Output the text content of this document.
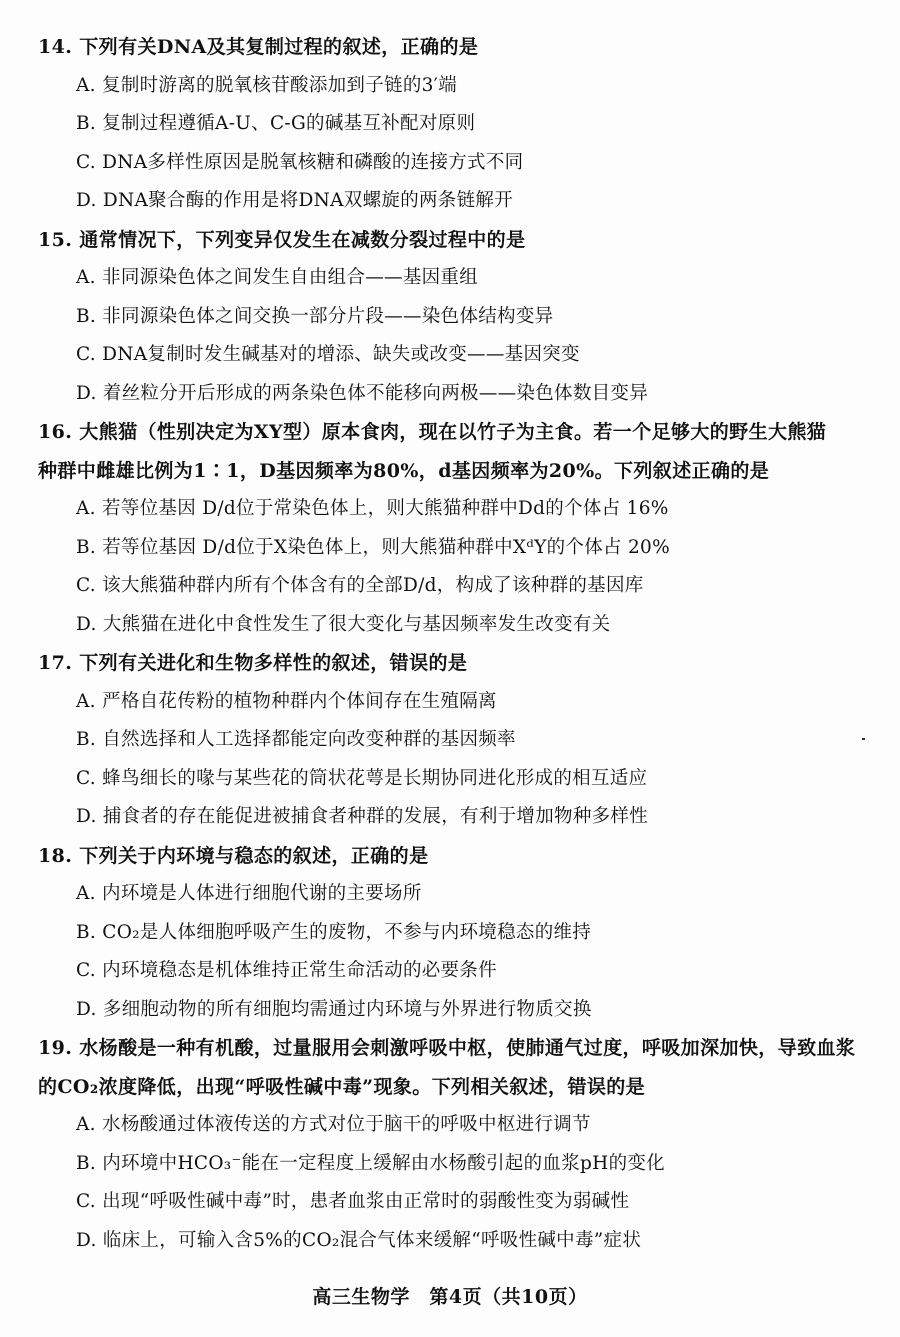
14. 下列有关DNA及其复制过程的叙述，正确的是
A. 复制时游离的脱氧核苷酸添加到子链的3′端
B. 复制过程遵循A-U、C-G的碱基互补配对原则
C. DNA多样性原因是脱氧核糖和磷酸的连接方式不同
D. DNA聚合酶的作用是将DNA双螺旋的两条链解开
15. 通常情况下，下列变异仅发生在减数分裂过程中的是
A. 非同源染色体之间发生自由组合——基因重组
B. 非同源染色体之间交换一部分片段——染色体结构变异
C. DNA复制时发生碱基对的增添、缺失或改变——基因突变
D. 着丝粒分开后形成的两条染色体不能移向两极——染色体数目变异
16. 大熊猫（性别决定为XY型）原本食肉，现在以竹子为主食。若一个足够大的野生大熊猫
种群中雌雄比例为1∶1，D基因频率为80%，d基因频率为20%。下列叙述正确的是
A. 若等位基因 D/d位于常染色体上，则大熊猫种群中Dd的个体占 16%
B. 若等位基因 D/d位于X染色体上，则大熊猫种群中XᵈY的个体占 20%
C. 该大熊猫种群内所有个体含有的全部D/d，构成了该种群的基因库
D. 大熊猫在进化中食性发生了很大变化与基因频率发生改变有关
17. 下列有关进化和生物多样性的叙述，错误的是
A. 严格自花传粉的植物种群内个体间存在生殖隔离
B. 自然选择和人工选择都能定向改变种群的基因频率
C. 蜂鸟细长的喙与某些花的筒状花萼是长期协同进化形成的相互适应
D. 捕食者的存在能促进被捕食者种群的发展，有利于增加物种多样性
18. 下列关于内环境与稳态的叙述，正确的是
A. 内环境是人体进行细胞代谢的主要场所
B. CO₂是人体细胞呼吸产生的废物，不参与内环境稳态的维持
C. 内环境稳态是机体维持正常生命活动的必要条件
D. 多细胞动物的所有细胞均需通过内环境与外界进行物质交换
19. 水杨酸是一种有机酸，过量服用会刺激呼吸中枢，使肺通气过度，呼吸加深加快，导致血浆
的CO₂浓度降低，出现“呼吸性碱中毒”现象。下列相关叙述，错误的是
A. 水杨酸通过体液传送的方式对位于脑干的呼吸中枢进行调节
B. 内环境中HCO₃⁻能在一定程度上缓解由水杨酸引起的血浆pH的变化
C. 出现“呼吸性碱中毒”时，患者血浆由正常时的弱酸性变为弱碱性
D. 临床上，可输入含5%的CO₂混合气体来缓解“呼吸性碱中毒”症状
高三生物学　第4页（共10页）
